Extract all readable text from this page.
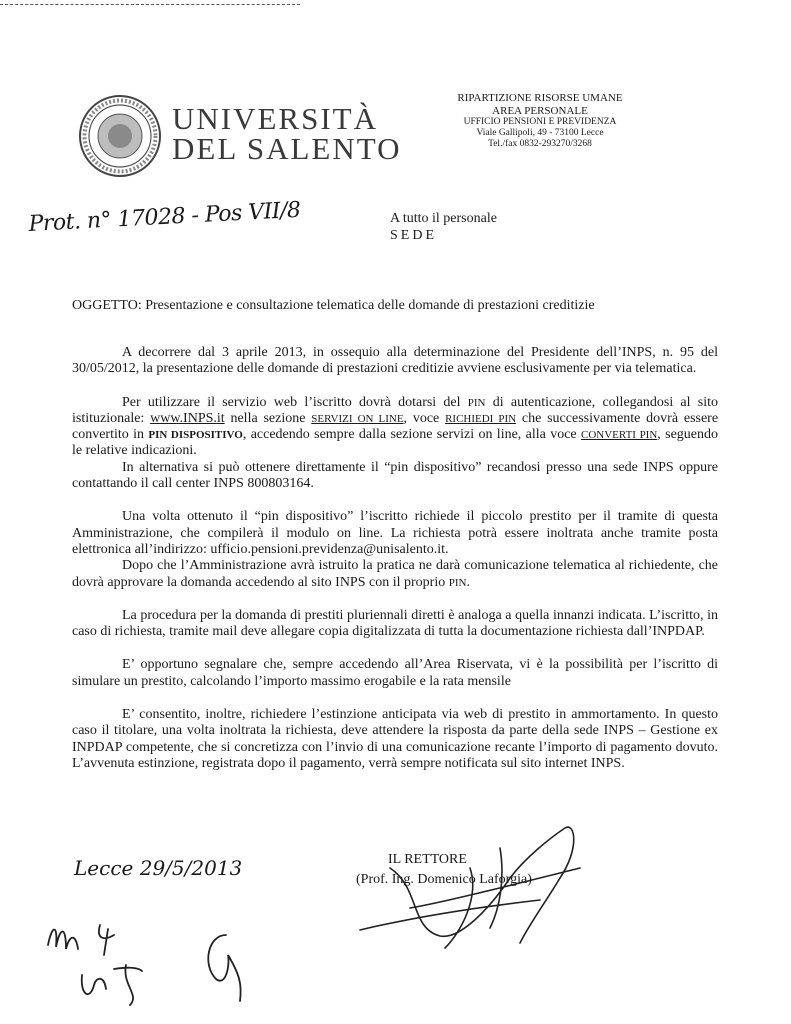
UNIVERSITÀ
DEL SALENTO
RIPARTIZIONE RISORSE UMANE
AREA PERSONALE
UFFICIO PENSIONI E PREVIDENZA
Viale Gallipoli, 49 - 73100 Lecce
Tel./fax 0832-293270/3268
Prot. n° 17028 - Pos VII/8	A tutto il personale
SEDE
OGGETTO: Presentazione e consultazione telematica delle domande di prestazioni creditizie

A decorrere dal 3 aprile 2013, in ossequio alla determinazione del Presidente dell’INPS, n. 95 del 30/05/2012, la presentazione delle domande di prestazioni creditizie avviene esclusivamente per via telematica.

Per utilizzare il servizio web l’iscritto dovrà dotarsi del PIN di autenticazione, collegandosi al sito istituzionale: www.INPS.it nella sezione SERVIZI ON LINE, voce RICHIEDI PIN che successivamente dovrà essere convertito in PIN DISPOSITIVO, accedendo sempre dalla sezione servizi on line, alla voce CONVERTI PIN, seguendo le relative indicazioni.

In alternativa si può ottenere direttamente il “pin dispositivo” recandosi presso una sede INPS oppure contattando il call center INPS 800803164.

Una volta ottenuto il “pin dispositivo” l’iscritto richiede il piccolo prestito per il tramite di questa Amministrazione, che compilerà il modulo on line. La richiesta potrà essere inoltrata anche tramite posta elettronica all’indirizzo: ufficio.pensioni.previdenza@unisalento.it.

Dopo che l’Amministrazione avrà istruito la pratica ne darà comunicazione telematica al richiedente, che dovrà approvare la domanda accedendo al sito INPS con il proprio PIN.

La procedura per la domanda di prestiti pluriennali diretti è analoga a quella innanzi indicata. L’iscritto, in caso di richiesta, tramite mail deve allegare copia digitalizzata di tutta la documentazione richiesta dall’INPDAP.

E’ opportuno segnalare che, sempre accedendo all’Area Riservata, vi è la possibilità per l’iscritto di simulare un prestito, calcolando l’importo massimo erogabile e la rata mensile

E’ consentito, inoltre, richiedere l’estinzione anticipata via web di prestito in ammortamento. In questo caso il titolare, una volta inoltrata la richiesta, deve attendere la risposta da parte della sede INPS – Gestione ex INPDAP competente, che si concretizza con l’invio di una comunicazione recante l’importo di pagamento dovuto. L’avvenuta estinzione, registrata dopo il pagamento, verrà sempre notificata sul sito internet INPS.

Lecce 29/5/2013	IL RETTORE
(Prof. Ing. Domenico Laforgia)
